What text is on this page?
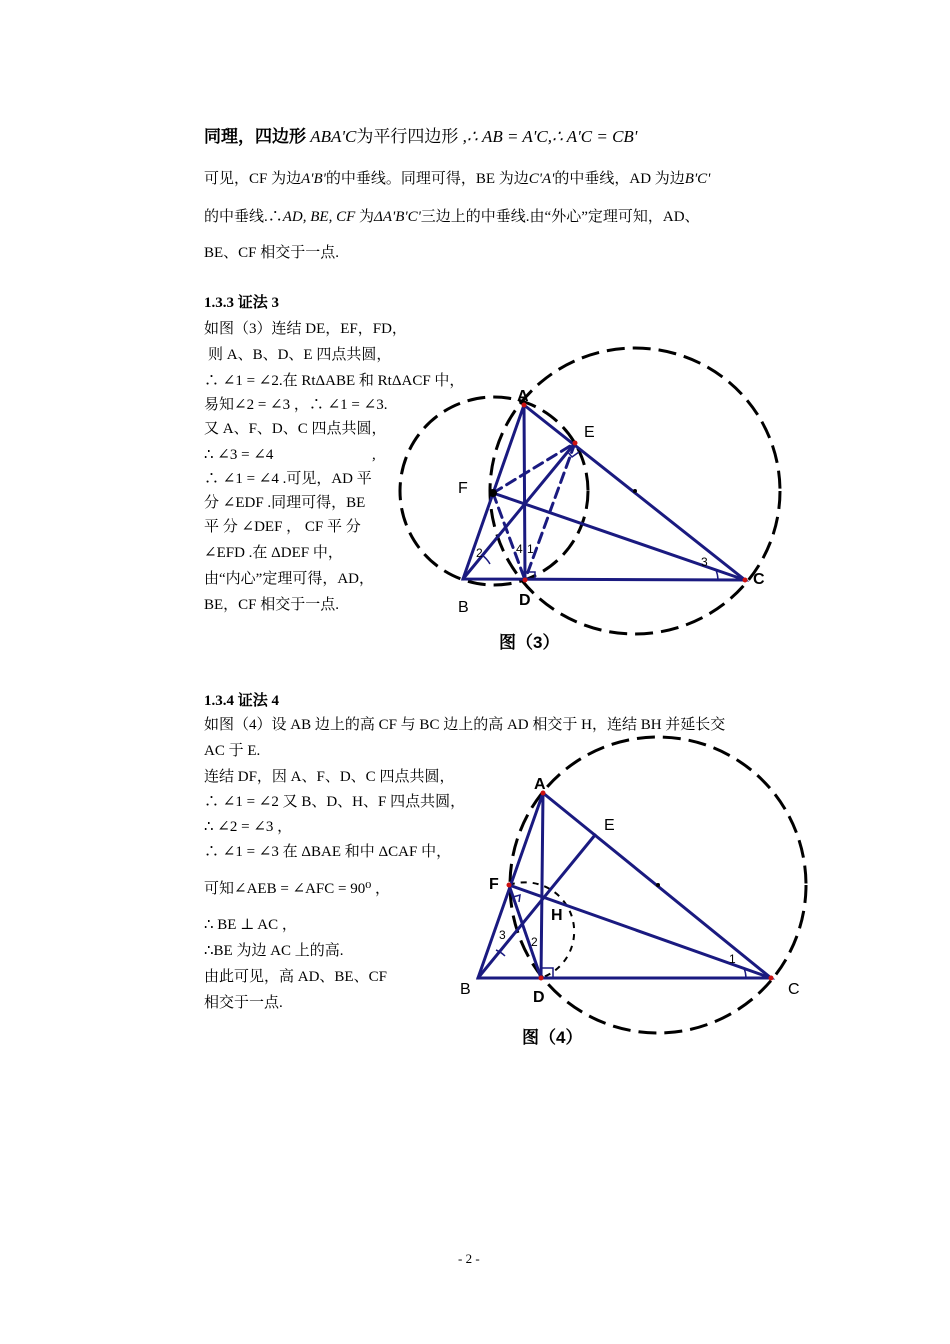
同理，四边形 ABA'C为平行四边形 ,∴ AB = A'C,∴ A'C = CB'
可见，CF 为边A'B'的中垂线。同理可得，BE 为边C'A'的中垂线，AD 为边B'C'
的中垂线.∴AD, BE, CF 为ΔA'B'C'三边上的中垂线.由“外心”定理可知，AD、
BE、CF 相交于一点.
1.3.3 证法 3
如图（3）连结 DE，EF，FD，
则 A、B、D、E 四点共圆，
∴ ∠1 = ∠2.在 RtΔABE 和 RtΔACF 中，
易知∠2 = ∠3 ，∴ ∠1 = ∠3.
又 A、F、D、C 四点共圆，
∴ ∠3 = ∠4	,
∴ ∠1 = ∠4 .可见，AD 平
分 ∠EDF .同理可得，BE
平 分 ∠DEF ， CF 平 分
∠EFD .在 ΔDEF 中，
由“内心”定理可得，AD，
BE，CF 相交于一点.
A
E
F
B	D
C
2	4 1
3
图（3）
1.3.4 证法 4
如图（4）设 AB 边上的高 CF 与 BC 边上的高 AD 相交于 H，连结 BH 并延长交
AC 于 E.
连结 DF，因 A、F、D、C 四点共圆，
∴ ∠1 = ∠2 又 B、D、H、F 四点共圆，
∴ ∠2 = ∠3 ，
∴ ∠1 = ∠3 在 ΔBAE 和中 ΔCAF 中，
可知∠AEB = ∠AFC = 90⁰ ，
∴ BE ⊥ AC ，
∴BE 为边 AC 上的高.
由此可见，高 AD、BE、CF
相交于一点.
A
E
F
H
B	D	C
3 2
1
图（4）
- 2 -
